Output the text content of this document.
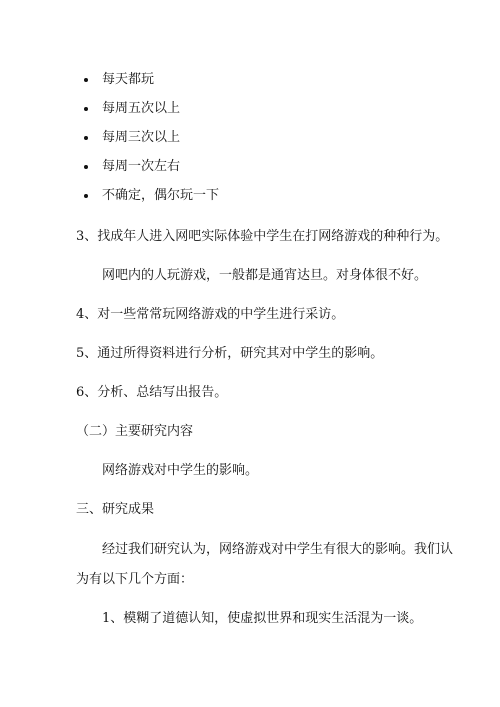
每天都玩
每周五次以上
每周三次以上
每周一次左右
不确定，偶尔玩一下
3、找成年人进入网吧实际体验中学生在打网络游戏的种种行为。
网吧内的人玩游戏，一般都是通宵达旦。对身体很不好。
4、对一些常常玩网络游戏的中学生进行采访。
5、通过所得资料进行分析，研究其对中学生的影响。
6、分析、总结写出报告。
（二）主要研究内容
网络游戏对中学生的影响。
三、研究成果
经过我们研究认为，网络游戏对中学生有很大的影响。我们认
为有以下几个方面：
1、模糊了道德认知，使虚拟世界和现实生活混为一谈。
